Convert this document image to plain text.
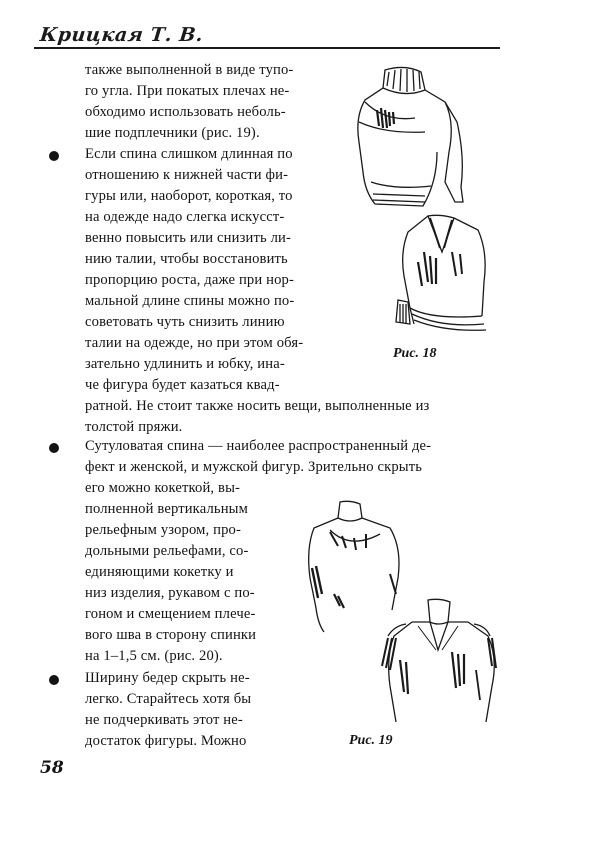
Крицкая Т. В.
также выполненной в виде тупо-
го угла. При покатых плечах не-
обходимо использовать неболь-
шие подплечники (рис. 19).
Если спина слишком длинная по
отношению к нижней части фи-
гуры или, наоборот, короткая, то
на одежде надо слегка искусст-
венно повысить или снизить ли-
нию талии, чтобы восстановить
пропорцию роста, даже при нор-
мальной длине спины можно по-
советовать чуть снизить линию
талии на одежде, но при этом обя-
зательно удлинить и юбку, ина-
че фигура будет казаться квад-
ратной. Не стоит также носить вещи, выполненные из
толстой пряжи.
Сутуловатая спина — наиболее распространенный де-
фект и женской, и мужской фигур. Зрительно скрыть
его можно кокеткой, вы-
полненной вертикальным
рельефным узором, про-
дольными рельефами, со-
единяющими кокетку и
низ изделия, рукавом с по-
гоном и смещением плече-
вого шва в сторону спинки
на 1–1,5 см. (рис. 20).
Ширину бедер скрыть не-
легко. Старайтесь хотя бы
не подчеркивать этот не-
достаток фигуры. Можно
Рис. 18
Рис. 19
58
